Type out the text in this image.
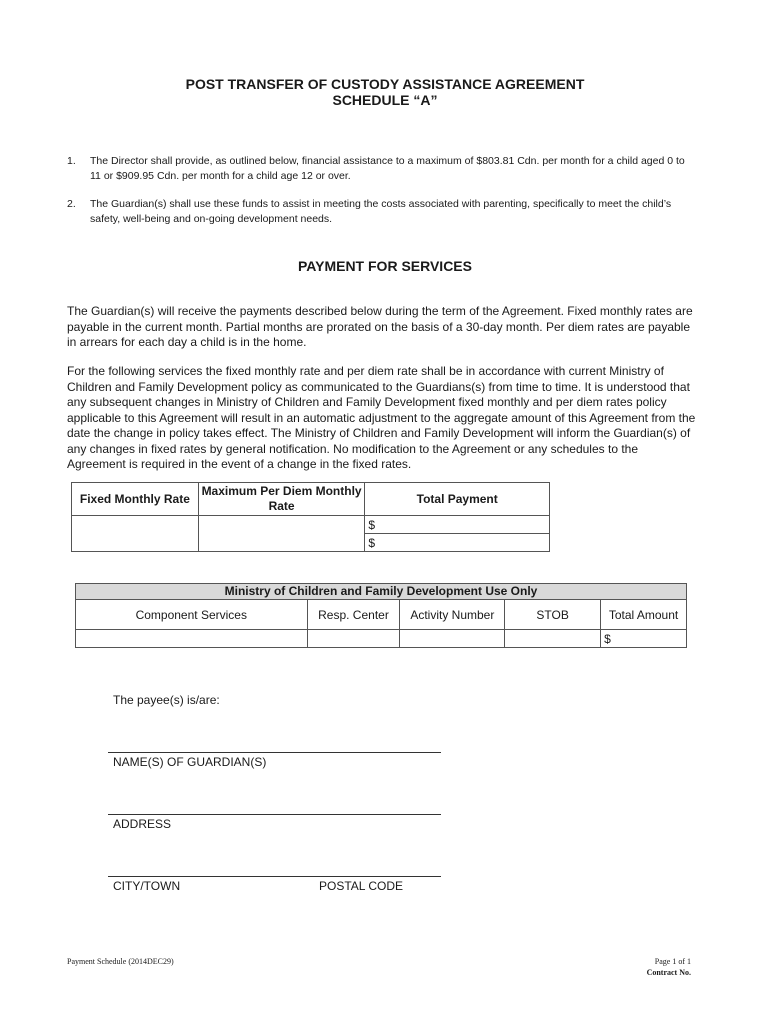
POST TRANSFER OF CUSTODY ASSISTANCE AGREEMENT
SCHEDULE “A”
1. The Director shall provide, as outlined below, financial assistance to a maximum of $803.81 Cdn. per month for a child aged 0 to 11 or $909.95 Cdn. per month for a child age 12 or over.
2. The Guardian(s) shall use these funds to assist in meeting the costs associated with parenting, specifically to meet the child’s safety, well-being and on-going development needs.
PAYMENT FOR SERVICES
The Guardian(s) will receive the payments described below during the term of the Agreement. Fixed monthly rates are payable in the current month. Partial months are prorated on the basis of a 30-day month. Per diem rates are payable in arrears for each day a child is in the home.
For the following services the fixed monthly rate and per diem rate shall be in accordance with current Ministry of Children and Family Development policy as communicated to the Guardians(s) from time to time. It is understood that any subsequent changes in Ministry of Children and Family Development fixed monthly and per diem rates policy applicable to this Agreement will result in an automatic adjustment to the aggregate amount of this Agreement from the date the change in policy takes effect. The Ministry of Children and Family Development will inform the Guardian(s) of any changes in fixed rates by general notification. No modification to the Agreement or any schedules to the Agreement is required in the event of a change in the fixed rates.
Fixed Monthly Rate	Maximum Per Diem Monthly Rate	Total Payment
		$
		$
Ministry of Children and Family Development Use Only				
Component Services	Resp. Center	Activity Number	STOB	Total Amount
				$
The payee(s) is/are:
NAME(S) OF GUARDIAN(S)
ADDRESS
CITY/TOWN	POSTAL CODE
Payment Schedule (2014DEC29)	Page 1 of 1
Contract No.
